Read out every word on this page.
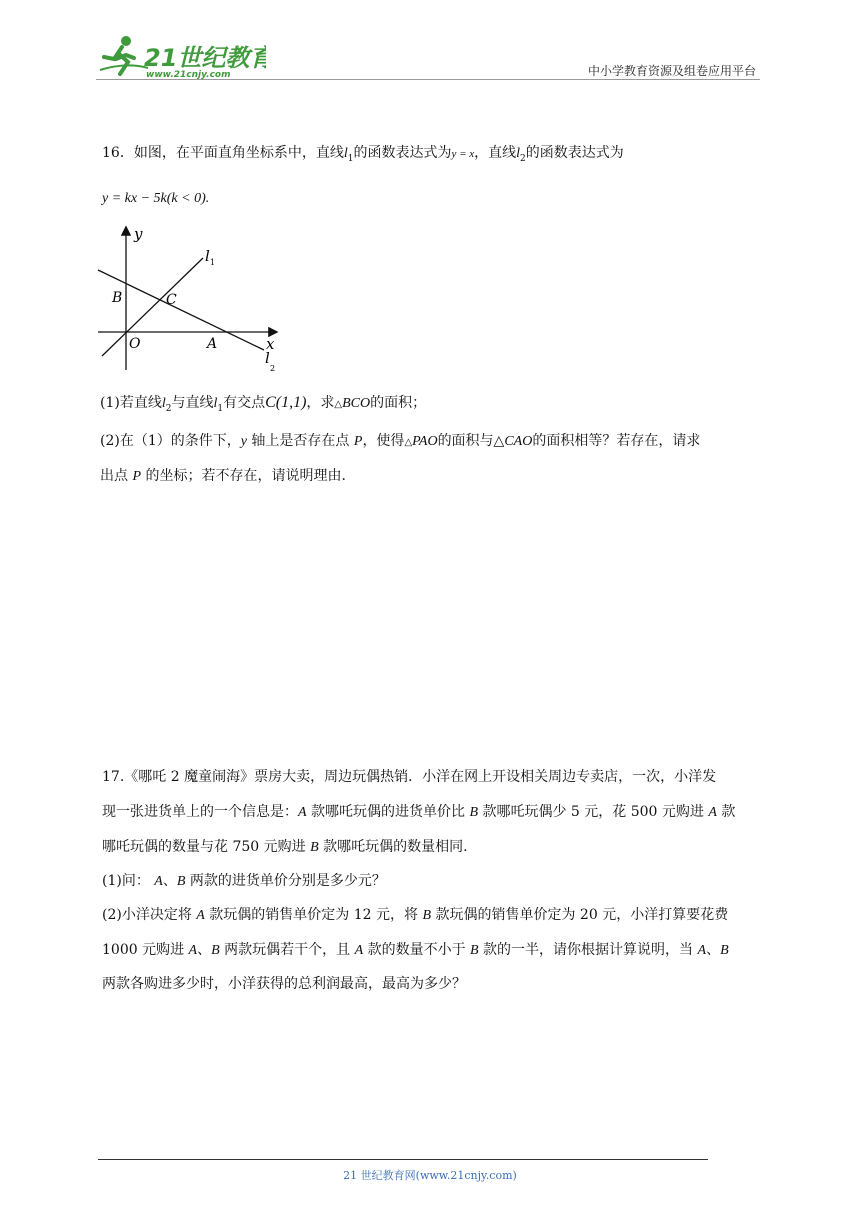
21世纪教育
www.21cnjy.com	中小学教育资源及组卷应用平台
16．如图，在平面直角坐标系中，直线$l_1$的函数表达式为y = x，直线$l_2$的函数表达式为
y = kx − 5k(k < 0).
y
x
O	A
B	C
l 1
l
2
(1)若直线$l_2$与直线$l_1$有交点C(1,1)，求△BCO的面积；
(2)在（1）的条件下，y 轴上是否存在点 P，使得△PAO的面积与△CAO的面积相等？若存在，请求
出点 P 的坐标；若不存在，请说明理由.
17.《哪吒 2 魔童闹海》票房大卖，周边玩偶热销．小洋在网上开设相关周边专卖店，一次，小洋发
现一张进货单上的一个信息是：A 款哪吒玩偶的进货单价比 B 款哪吒玩偶少 5 元，花 500 元购进 A 款
哪吒玩偶的数量与花 750 元购进 B 款哪吒玩偶的数量相同.
(1)问： A、B 两款的进货单价分别是多少元？
(2)小洋决定将 A 款玩偶的销售单价定为 12 元，将 B 款玩偶的销售单价定为 20 元，小洋打算要花费
1000 元购进 A、B 两款玩偶若干个，且 A 款的数量不小于 B 款的一半，请你根据计算说明，当 A、B
两款各购进多少时，小洋获得的总利润最高，最高为多少？
21 世纪教育网(www.21cnjy.com)
